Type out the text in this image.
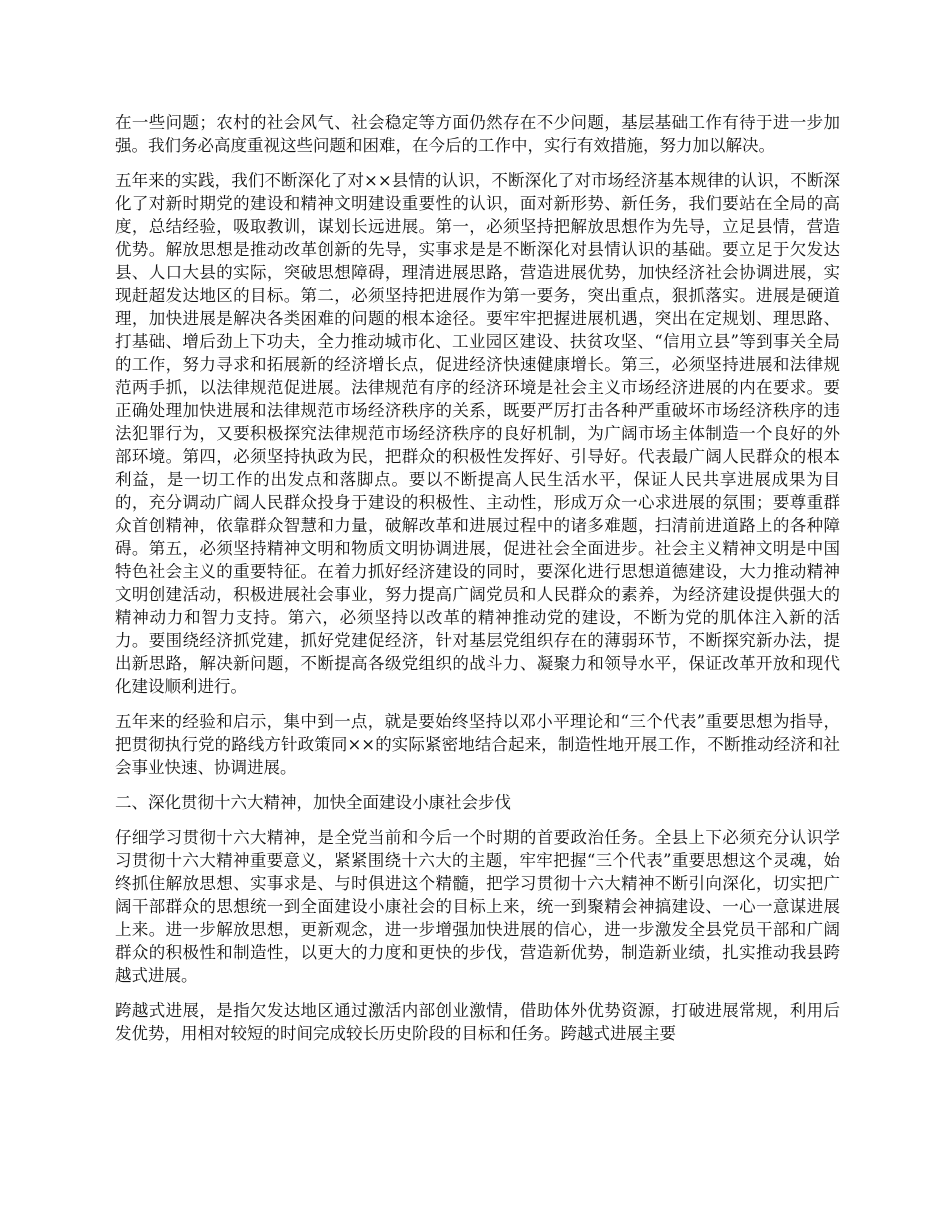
在一些问题；农村的社会风气、社会稳定等方面仍然存在不少问题，基层基础工作有待于进一步加强。我们务必高度重视这些问题和困难，在今后的工作中，实行有效措施，努力加以解决。

五年来的实践，我们不断深化了对××县情的认识，不断深化了对市场经济基本规律的认识，不断深化了对新时期党的建设和精神文明建设重要性的认识，面对新形势、新任务，我们要站在全局的高度，总结经验，吸取教训，谋划长远进展。第一，必须坚持把解放思想作为先导，立足县情，营造优势。解放思想是推动改革创新的先导，实事求是是不断深化对县情认识的基础。要立足于欠发达县、人口大县的实际，突破思想障碍，理清进展思路，营造进展优势，加快经济社会协调进展，实现赶超发达地区的目标。第二，必须坚持把进展作为第一要务，突出重点，狠抓落实。进展是硬道理，加快进展是解决各类困难的问题的根本途径。要牢牢把握进展机遇，突出在定规划、理思路、打基础、增后劲上下功夫，全力推动城市化、工业园区建设、扶贫攻坚、“信用立县”等到事关全局的工作，努力寻求和拓展新的经济增长点，促进经济快速健康增长。第三，必须坚持进展和法律规范两手抓，以法律规范促进展。法律规范有序的经济环境是社会主义市场经济进展的内在要求。要正确处理加快进展和法律规范市场经济秩序的关系，既要严厉打击各种严重破坏市场经济秩序的违法犯罪行为，又要积极探究法律规范市场经济秩序的良好机制，为广阔市场主体制造一个良好的外部环境。第四，必须坚持执政为民，把群众的积极性发挥好、引导好。代表最广阔人民群众的根本利益，是一切工作的出发点和落脚点。要以不断提高人民生活水平，保证人民共享进展成果为目的，充分调动广阔人民群众投身于建设的积极性、主动性，形成万众一心求进展的氛围；要尊重群众首创精神，依靠群众智慧和力量，破解改革和进展过程中的诸多难题，扫清前进道路上的各种障碍。第五，必须坚持精神文明和物质文明协调进展，促进社会全面进步。社会主义精神文明是中国特色社会主义的重要特征。在着力抓好经济建设的同时，要深化进行思想道德建设，大力推动精神文明创建活动，积极进展社会事业，努力提高广阔党员和人民群众的素养，为经济建设提供强大的精神动力和智力支持。第六，必须坚持以改革的精神推动党的建设，不断为党的肌体注入新的活力。要围绕经济抓党建，抓好党建促经济，针对基层党组织存在的薄弱环节，不断探究新办法，提出新思路，解决新问题，不断提高各级党组织的战斗力、凝聚力和领导水平，保证改革开放和现代化建设顺利进行。

五年来的经验和启示，集中到一点，就是要始终坚持以邓小平理论和“三个代表”重要思想为指导，把贯彻执行党的路线方针政策同××的实际紧密地结合起来，制造性地开展工作，不断推动经济和社会事业快速、协调进展。

二、深化贯彻十六大精神，加快全面建设小康社会步伐

仔细学习贯彻十六大精神，是全党当前和今后一个时期的首要政治任务。全县上下必须充分认识学习贯彻十六大精神重要意义，紧紧围绕十六大的主题，牢牢把握“三个代表”重要思想这个灵魂，始终抓住解放思想、实事求是、与时俱进这个精髓，把学习贯彻十六大精神不断引向深化，切实把广阔干部群众的思想统一到全面建设小康社会的目标上来，统一到聚精会神搞建设、一心一意谋进展上来。进一步解放思想，更新观念，进一步增强加快进展的信心，进一步激发全县党员干部和广阔群众的积极性和制造性，以更大的力度和更快的步伐，营造新优势，制造新业绩，扎实推动我县跨越式进展。

跨越式进展，是指欠发达地区通过激活内部创业激情，借助体外优势资源，打破进展常规，利用后发优势，用相对较短的时间完成较长历史阶段的目标和任务。跨越式进展主要
